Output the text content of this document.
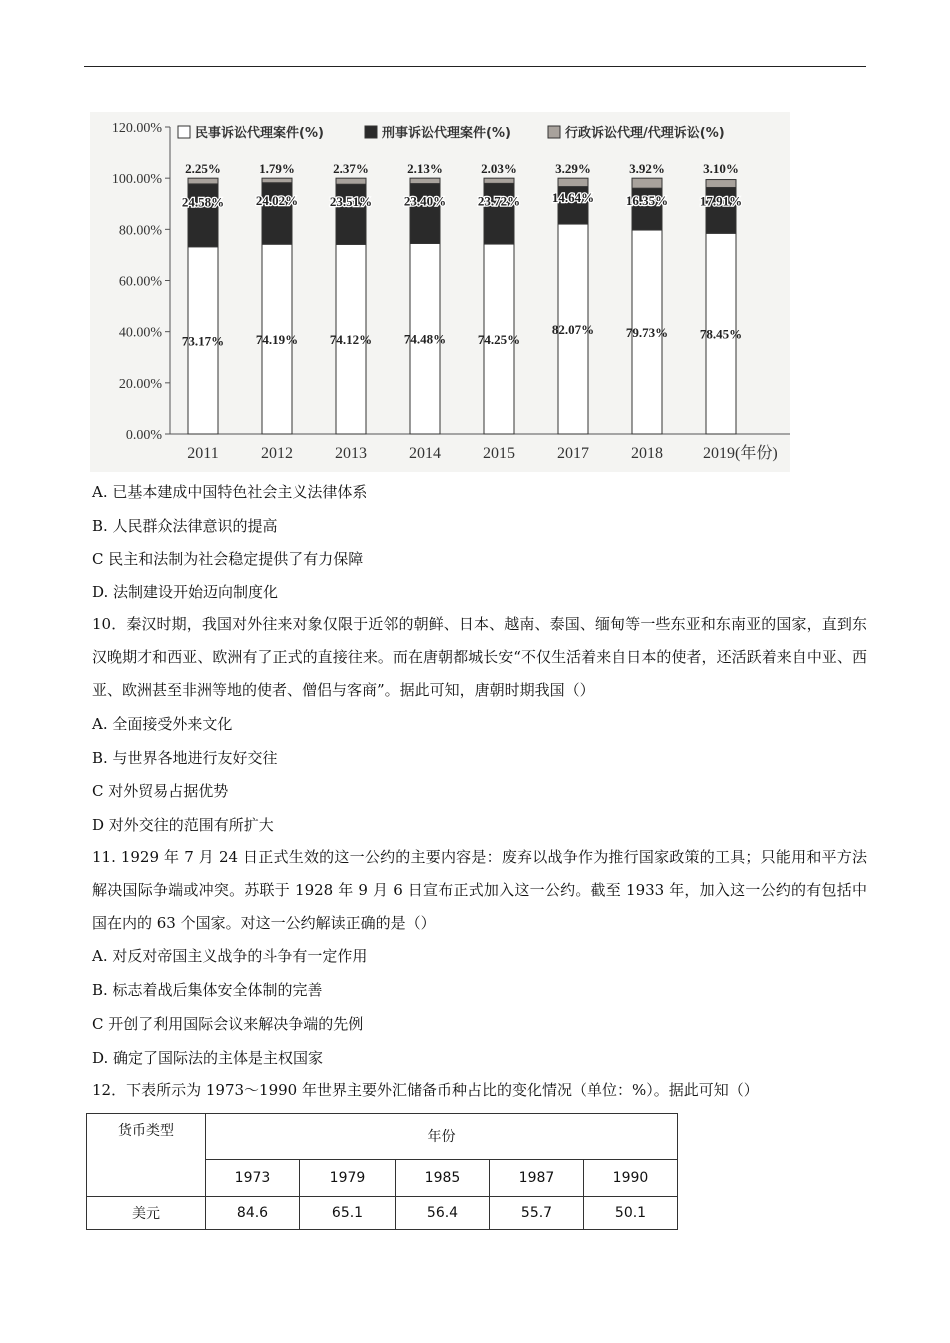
0.00%
20.00%
40.00%
60.00%
80.00%
100.00%
120.00%	民事诉讼代理案件(%)	刑事诉讼代理案件(%)	行政诉讼代理/代理诉讼(%)
73.17%
24.58%
2.25%
2011
74.19%
24.02%
1.79%
2012
74.12%
23.51%
2.37%
2013
74.48%
23.40%
2.13%
2014
74.25%
23.72%
2.03%
2015
82.07%
14.64%
3.29%
2017
79.73%
16.35%
3.92%
2018
78.45%
17.91%
3.10%
2019(年份)
A. 已基本建成中国特色社会主义法律体系
B. 人民群众法律意识的提高
C 民主和法制为社会稳定提供了有力保障
D. 法制建设开始迈向制度化
10．秦汉时期，我国对外往来对象仅限于近邻的朝鲜、日本、越南、泰国、缅甸等一些东亚和东南亚的国家，直到东汉晚期才和西亚、欧洲有了正式的直接往来。而在唐朝都城长安“不仅生活着来自日本的使者，还活跃着来自中亚、西亚、欧洲甚至非洲等地的使者、僧侣与客商”。据此可知，唐朝时期我国（）
A. 全面接受外来文化
B. 与世界各地进行友好交往
C 对外贸易占据优势
D 对外交往的范围有所扩大
11. 1929 年 7 月 24 日正式生效的这一公约的主要内容是：废弃以战争作为推行国家政策的工具；只能用和平方法解决国际争端或冲突。苏联于 1928 年 9 月 6 日宣布正式加入这一公约。截至 1933 年，加入这一公约的有包括中国在内的 63 个国家。对这一公约解读正确的是（）
A. 对反对帝国主义战争的斗争有一定作用
B. 标志着战后集体安全体制的完善
C 开创了利用国际会议来解决争端的先例
D. 确定了国际法的主体是主权国家
12．下表所示为 1973～1990 年世界主要外汇储备币种占比的变化情况（单位：%）。据此可知（）
货币类型	年份				
	1973	1979	1985	1987	1990
美元	84.6	65.1	56.4	55.7	50.1
